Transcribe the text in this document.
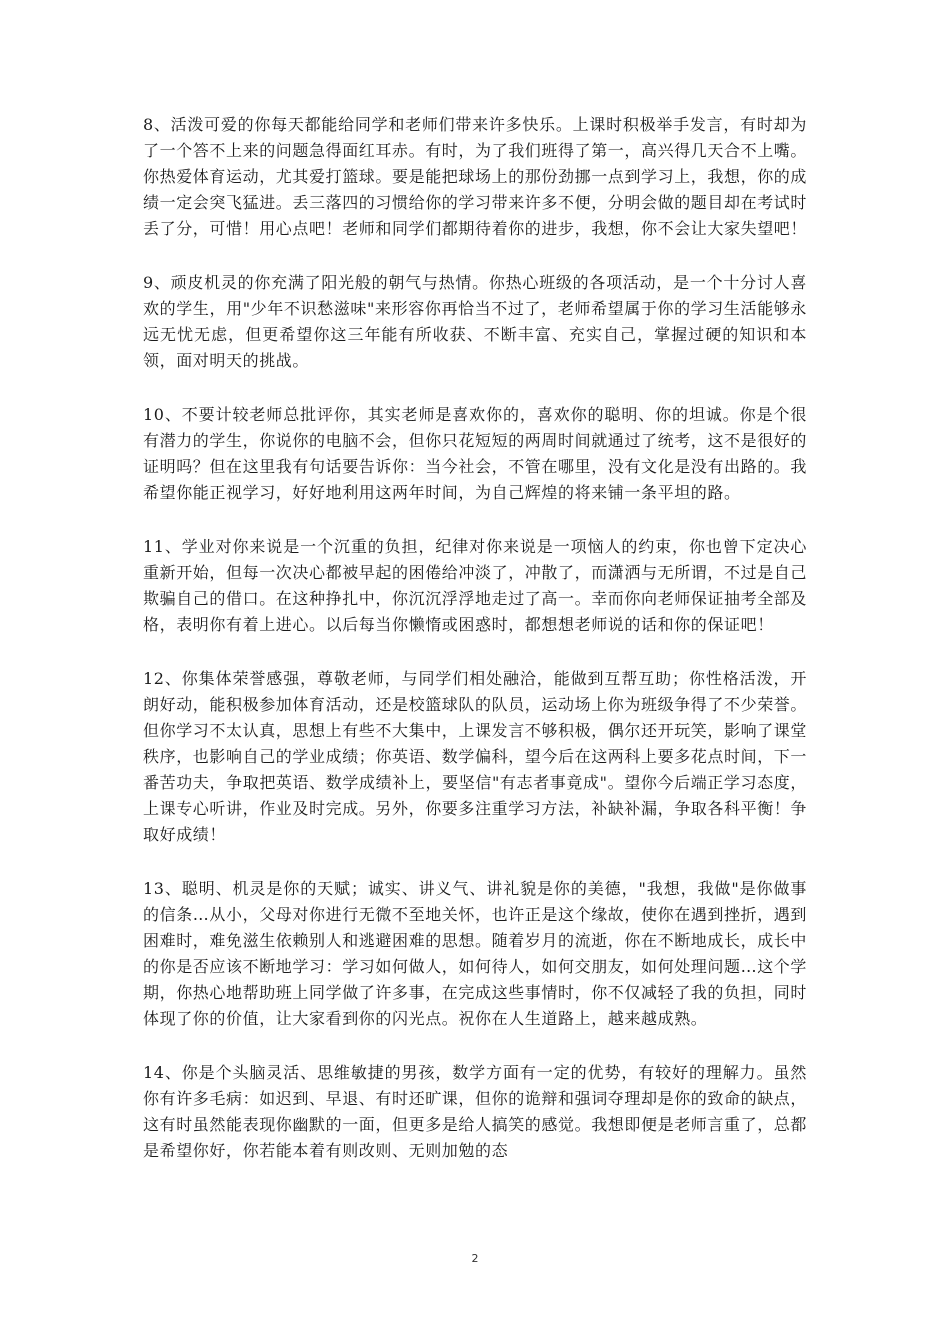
8、活泼可爱的你每天都能给同学和老师们带来许多快乐。上课时积极举手发言，有时却为了一个答不上来的问题急得面红耳赤。有时，为了我们班得了第一，高兴得几天合不上嘴。你热爱体育运动，尤其爱打篮球。要是能把球场上的那份劲挪一点到学习上，我想，你的成绩一定会突飞猛进。丢三落四的习惯给你的学习带来许多不便，分明会做的题目却在考试时丢了分，可惜！用心点吧！老师和同学们都期待着你的进步，我想，你不会让大家失望吧！

9、顽皮机灵的你充满了阳光般的朝气与热情。你热心班级的各项活动，是一个十分讨人喜欢的学生，用"少年不识愁滋味"来形容你再恰当不过了，老师希望属于你的学习生活能够永远无忧无虑，但更希望你这三年能有所收获、不断丰富、充实自己，掌握过硬的知识和本领，面对明天的挑战。

10、不要计较老师总批评你，其实老师是喜欢你的，喜欢你的聪明、你的坦诚。你是个很有潜力的学生，你说你的电脑不会，但你只花短短的两周时间就通过了统考，这不是很好的证明吗？但在这里我有句话要告诉你：当今社会，不管在哪里，没有文化是没有出路的。我希望你能正视学习，好好地利用这两年时间，为自己辉煌的将来铺一条平坦的路。

11、学业对你来说是一个沉重的负担，纪律对你来说是一项恼人的约束，你也曾下定决心重新开始，但每一次决心都被早起的困倦给冲淡了，冲散了，而潇洒与无所谓，不过是自己欺骗自己的借口。在这种挣扎中，你沉沉浮浮地走过了高一。幸而你向老师保证抽考全部及格，表明你有着上进心。以后每当你懒惰或困惑时，都想想老师说的话和你的保证吧！

12、你集体荣誉感强，尊敬老师，与同学们相处融洽，能做到互帮互助；你性格活泼，开朗好动，能积极参加体育活动，还是校篮球队的队员，运动场上你为班级争得了不少荣誉。但你学习不太认真，思想上有些不大集中，上课发言不够积极，偶尔还开玩笑，影响了课堂秩序，也影响自己的学业成绩；你英语、数学偏科，望今后在这两科上要多花点时间，下一番苦功夫，争取把英语、数学成绩补上，要坚信"有志者事竟成"。望你今后端正学习态度，上课专心听讲，作业及时完成。另外，你要多注重学习方法，补缺补漏，争取各科平衡！争取好成绩！

13、聪明、机灵是你的天赋；诚实、讲义气、讲礼貌是你的美德，"我想，我做"是你做事的信条…从小，父母对你进行无微不至地关怀，也许正是这个缘故，使你在遇到挫折，遇到困难时，难免滋生依赖别人和逃避困难的思想。随着岁月的流逝，你在不断地成长，成长中的你是否应该不断地学习：学习如何做人，如何待人，如何交朋友，如何处理问题…这个学期，你热心地帮助班上同学做了许多事，在完成这些事情时，你不仅减轻了我的负担，同时体现了你的价值，让大家看到你的闪光点。祝你在人生道路上，越来越成熟。

14、你是个头脑灵活、思维敏捷的男孩，数学方面有一定的优势，有较好的理解力。虽然你有许多毛病：如迟到、早退、有时还旷课，但你的诡辩和强词夺理却是你的致命的缺点，这有时虽然能表现你幽默的一面，但更多是给人搞笑的感觉。我想即便是老师言重了，总都是希望你好，你若能本着有则改则、无则加勉的态

2
